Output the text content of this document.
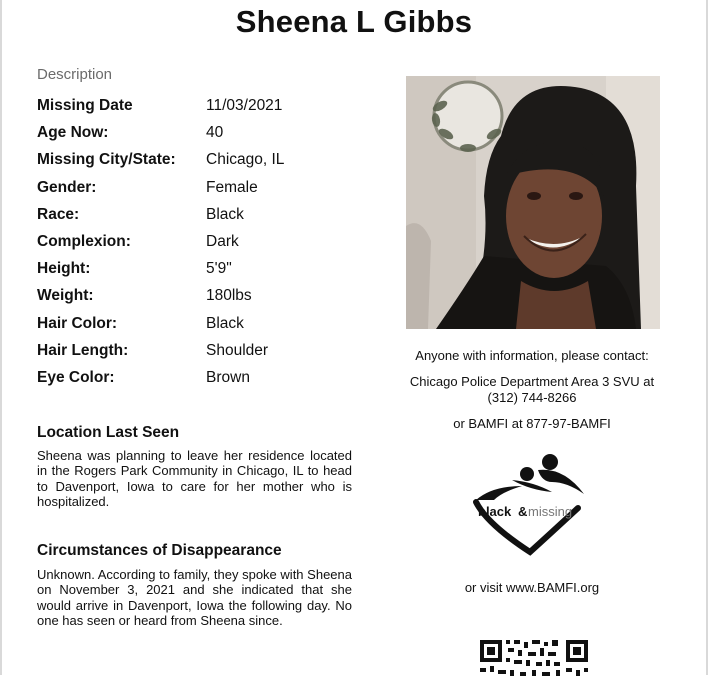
Sheena L Gibbs
Description
Missing Date	11/03/2021
Age Now:	40
Missing City/State: Chicago, IL
Gender:	Female
Race:	Black
Complexion:	Dark
Height:	5'9"
Weight:	180lbs
Hair Color:	Black
Hair Length:	Shoulder
Eye Color:	Brown
Location Last Seen
Sheena was planning to leave her residence located in the Rogers Park Community in Chicago, IL to head to Davenport, Iowa to care for her mother who is hospitalized.
Circumstances of Disappearance
Unknown. According to family, they spoke with Sheena on November 3, 2021 and she indicated that she would arrive in Davenport, Iowa the following day. No one has seen or heard from Sheena since.
Anyone with information, please contact:
Chicago Police Department Area 3 SVU at
(312) 744-8266
or BAMFI at 877-97-BAMFI
black & missing
or visit www.BAMFI.org
